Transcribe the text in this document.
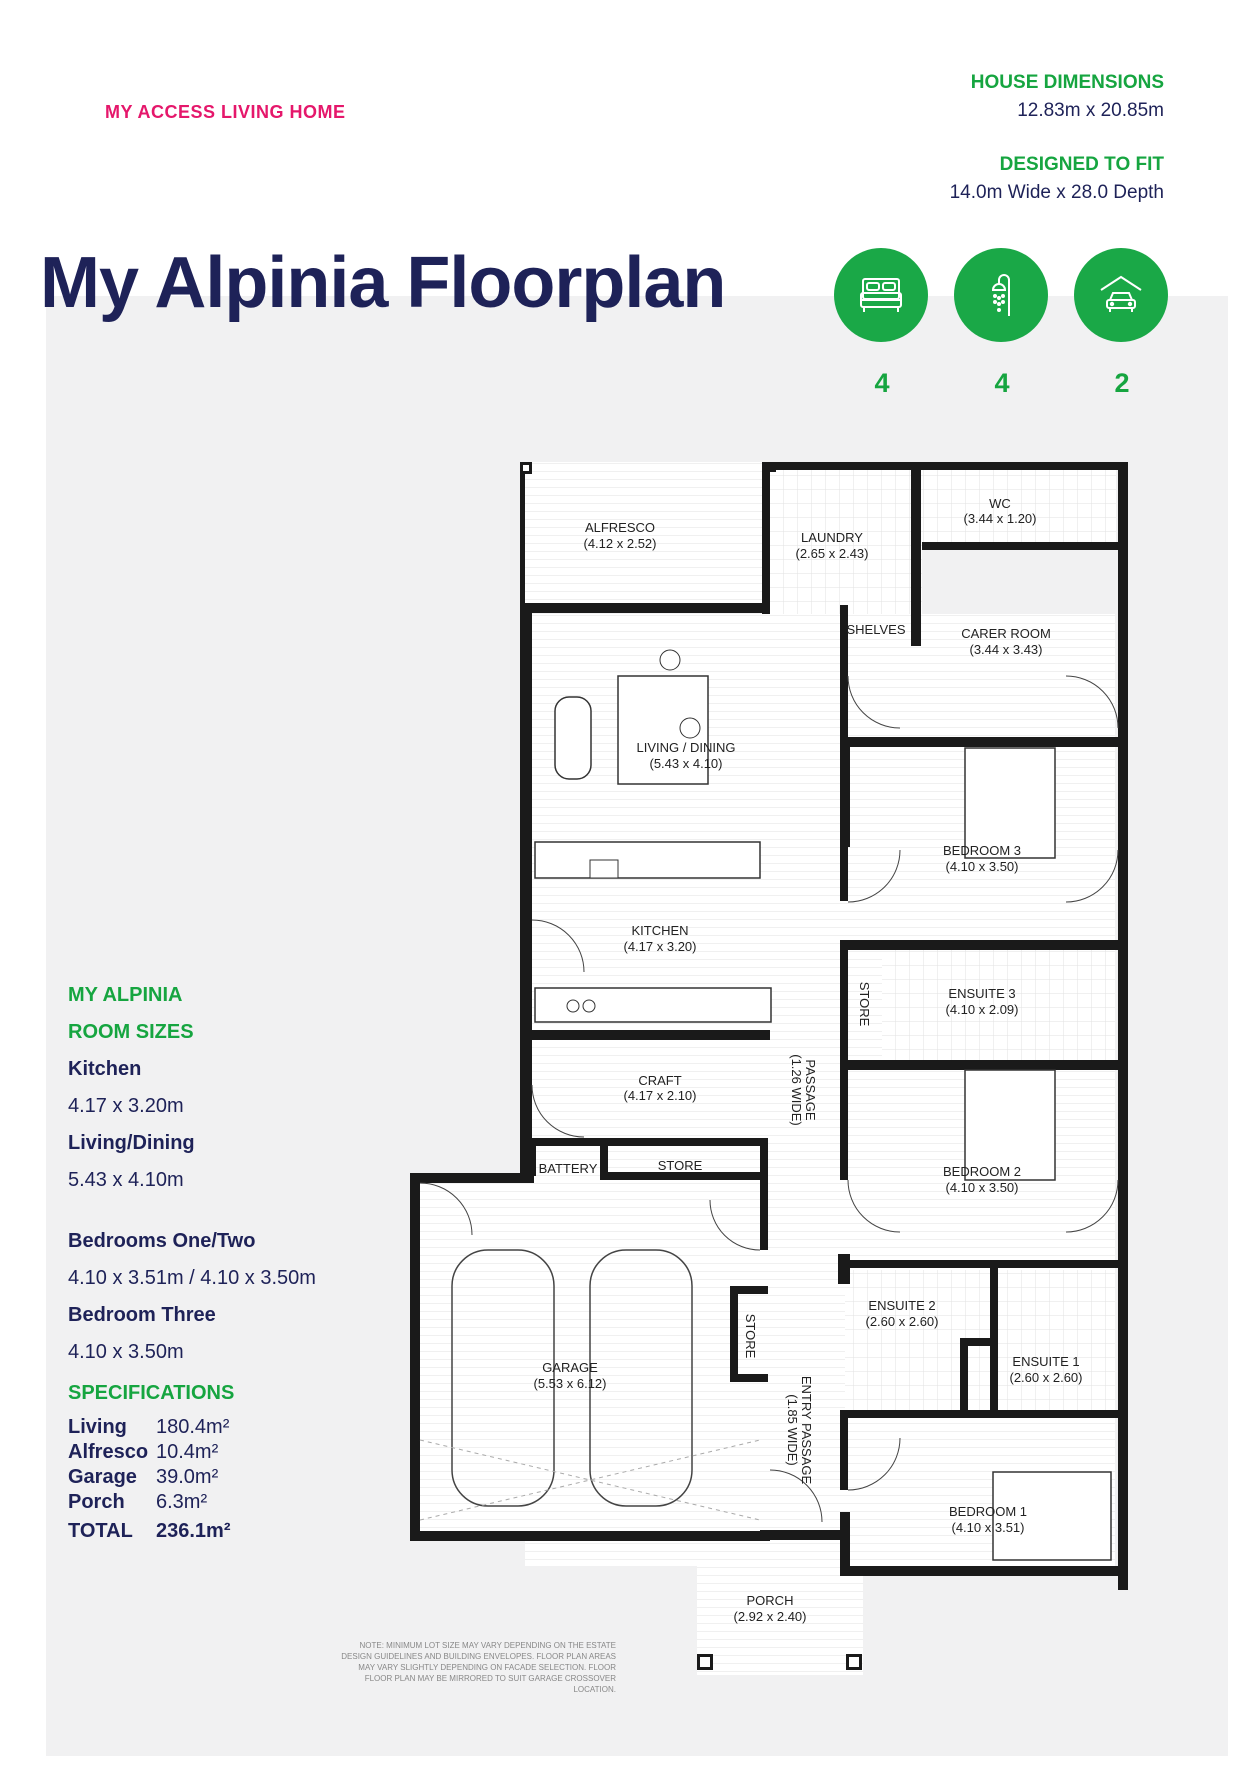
MY ACCESS LIVING HOME
HOUSE DIMENSIONS
12.83m x 20.85m
DESIGNED TO FIT
14.0m Wide x 28.0 Depth
My Alpinia Floorplan
4	4	2
MY ALPINIA
ROOM SIZES
Kitchen
4.17 x 3.20m
Living/Dining
5.43 x 4.10m
Bedrooms One/Two
4.10 x 3.51m / 4.10 x 3.50m
Bedroom Three
4.10 x 3.50m
SPECIFICATIONS
Living	180.4m²
Alfresco 10.4m²
Garage 39.0m²
Porch	6.3m²
TOTAL	236.1m²
ALFRESCO
(4.12 x 2.52)	LAUNDRY
(2.65 x 2.43)
WC
(3.44 x 1.20)
SHELVES	CARER ROOM
(3.44 x 3.43)
LIVING / DINING
(5.43 x 4.10)
BEDROOM 3
(4.10 x 3.50)
KITCHEN
(4.17 x 3.20)
ENSUITE 3
(4.10 x 2.09)
STORE
CRAFT
(4.17 x 2.10)	PASSAGE
(1.26 WIDE)
BATTERY	STORE	BEDROOM 2
(4.10 x 3.50)
ENSUITE 2
(2.60 x 2.60)
ENSUITE 1
(2.60 x 2.60)
STORE
GARAGE
(5.53 x 6.12)	ENTRY PASSAGE
(1.85 WIDE)
BEDROOM 1
(4.10 x 3.51)
PORCH
(2.92 x 2.40)
NOTE: MINIMUM LOT SIZE MAY VARY DEPENDING ON THE ESTATE DESIGN GUIDELINES AND BUILDING ENVELOPES. FLOOR PLAN AREAS MAY VARY SLIGHTLY DEPENDING ON FACADE SELECTION. FLOOR FLOOR PLAN MAY BE MIRRORED TO SUIT GARAGE CROSSOVER LOCATION.
